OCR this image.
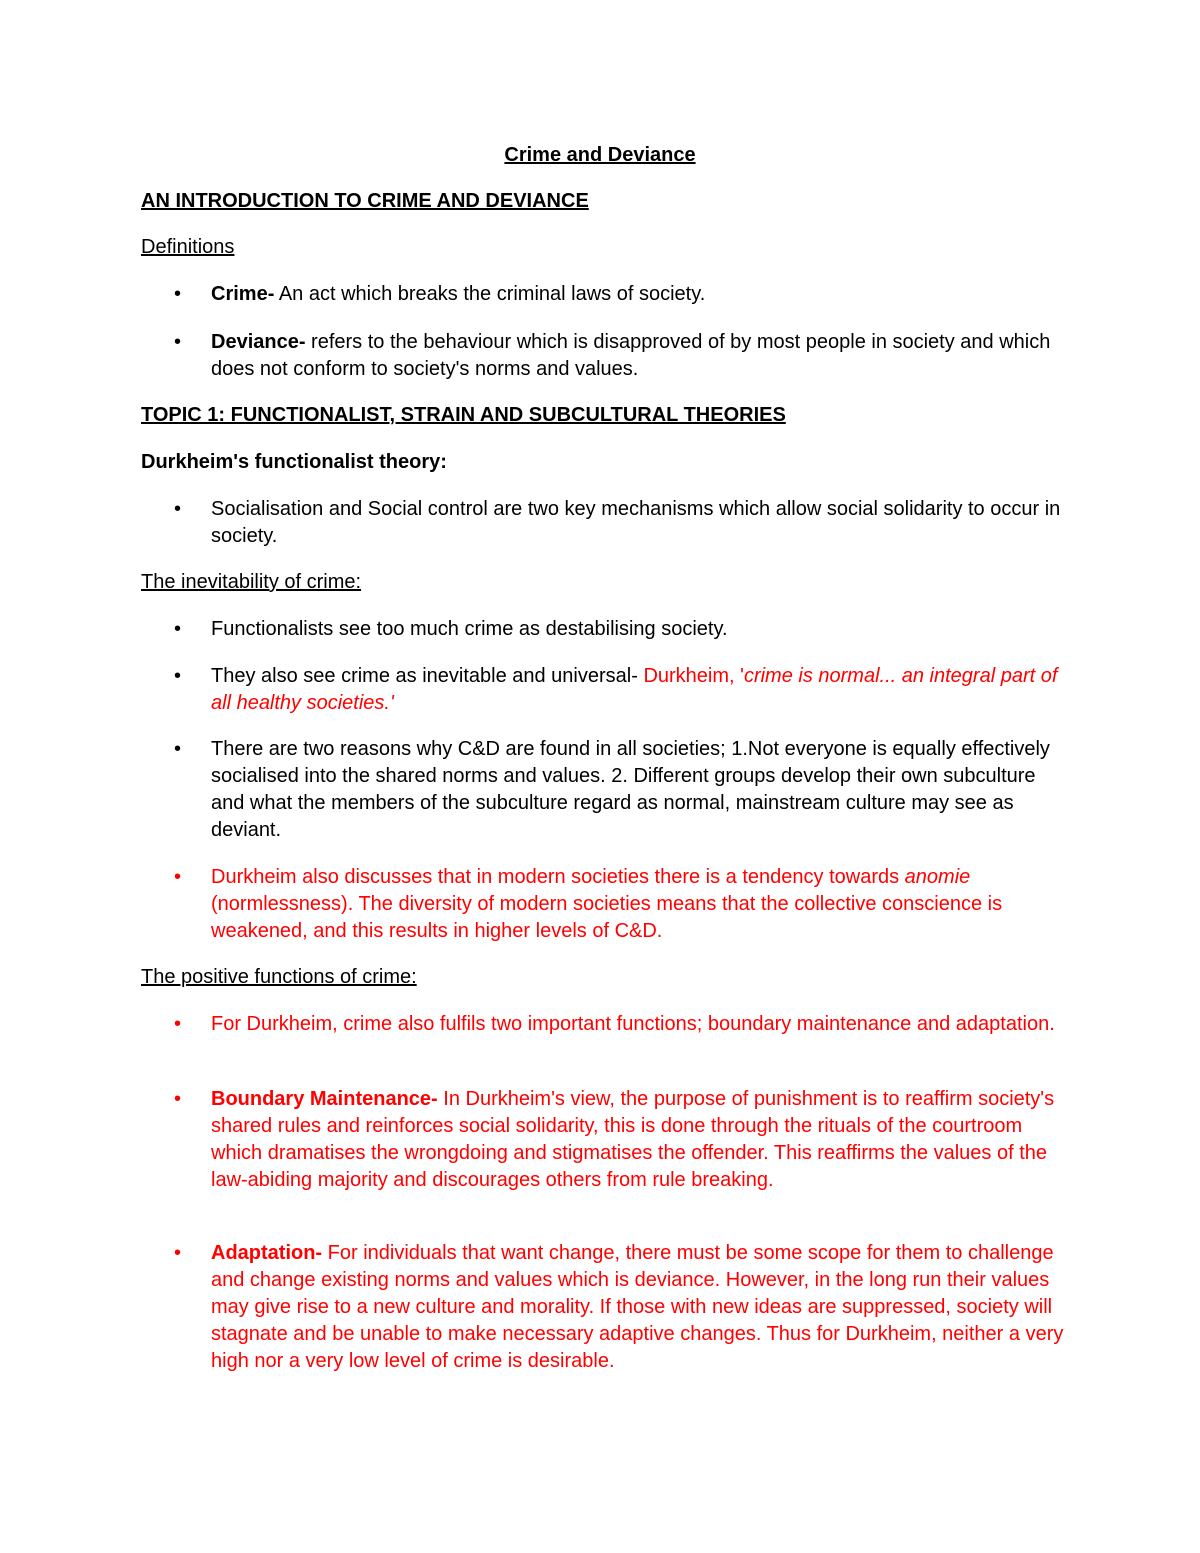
Crime and Deviance
AN INTRODUCTION TO CRIME AND DEVIANCE
Definitions
• Crime- An act which breaks the criminal laws of society.
• Deviance- refers to the behaviour which is disapproved of by most people in society and which does not conform to society's norms and values.
TOPIC 1: FUNCTIONALIST, STRAIN AND SUBCULTURAL THEORIES
Durkheim's functionalist theory:
• Socialisation and Social control are two key mechanisms which allow social solidarity to occur in society.
The inevitability of crime:
• Functionalists see too much crime as destabilising society.
• They also see crime as inevitable and universal- Durkheim, 'crime is normal... an integral part of all healthy societies.'
• There are two reasons why C&D are found in all societies; 1.Not everyone is equally effectively socialised into the shared norms and values. 2. Different groups develop their own subculture and what the members of the subculture regard as normal, mainstream culture may see as deviant.
• Durkheim also discusses that in modern societies there is a tendency towards anomie (normlessness). The diversity of modern societies means that the collective conscience is weakened, and this results in higher levels of C&D.
The positive functions of crime:
• For Durkheim, crime also fulfils two important functions; boundary maintenance and adaptation.
• Boundary Maintenance- In Durkheim's view, the purpose of punishment is to reaffirm society's shared rules and reinforces social solidarity, this is done through the rituals of the courtroom which dramatises the wrongdoing and stigmatises the offender. This reaffirms the values of the law-abiding majority and discourages others from rule breaking.
• Adaptation- For individuals that want change, there must be some scope for them to challenge and change existing norms and values which is deviance. However, in the long run their values may give rise to a new culture and morality. If those with new ideas are suppressed, society will stagnate and be unable to make necessary adaptive changes. Thus for Durkheim, neither a very high nor a very low level of crime is desirable.
